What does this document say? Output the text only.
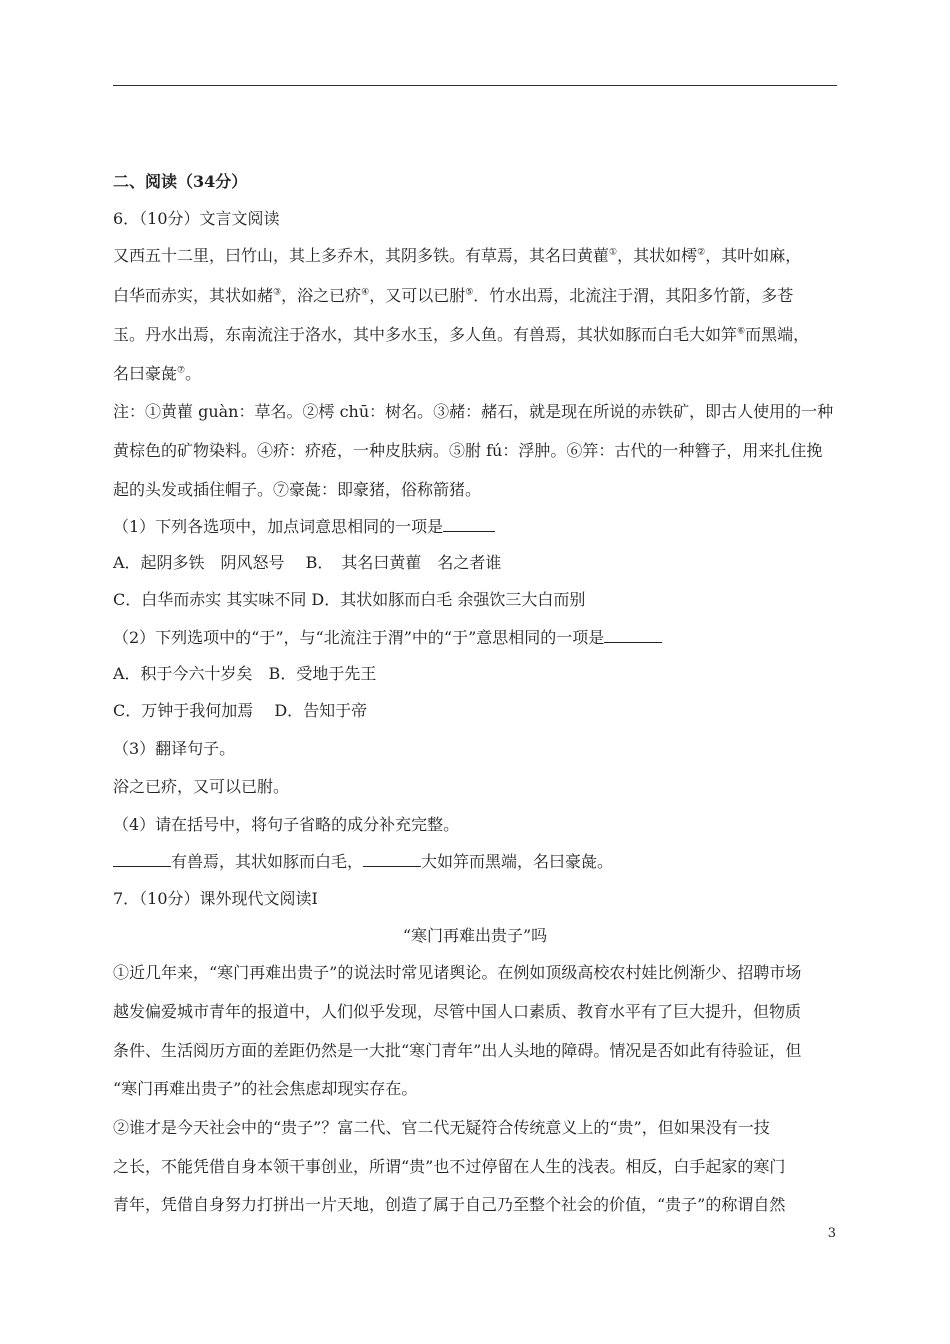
二、阅读（34分）
6．（10分）文言文阅读
又西五十二里，曰竹山，其上多乔木，其阴多铁。有草焉，其名曰黄雚①，其状如樗②，其叶如麻，
白华而赤实，其状如赭③，浴之已疥④，又可以已胕⑤．竹水出焉，北流注于渭，其阳多竹箭，多苍
玉。丹水出焉，东南流注于洛水，其中多水玉，多人鱼。有兽焉，其状如豚而白毛大如笄⑥而黑端，
名曰豪彘⑦。
注：①黄雚 guàn：草名。②樗 chū：树名。③赭：赭石，就是现在所说的赤铁矿，即古人使用的一种
黄棕色的矿物染料。④疥：疥疮，一种皮肤病。⑤胕 fú：浮肿。⑥笄：古代的一种簪子，用来扎住挽
起的头发或插住帽子。⑦豪彘：即豪猪，俗称箭猪。
（1）下列各选项中，加点词意思相同的一项是
A．起阴多铁　阴风怒号　 B．　其名曰黄雚　名之者谁
C．白华而赤实 其实味不同 D．其状如豚而白毛 余强饮三大白而别
（2）下列选项中的“于”，与“北流注于渭”中的“于”意思相同的一项是
A．积于今六十岁矣　B．受地于先王
C．万钟于我何加焉　 D．告知于帝
（3）翻译句子。
浴之已疥，又可以已胕。
（4）请在括号中，将句子省略的成分补充完整。
有兽焉，其状如豚而白毛，	大如笄而黑端，名曰豪彘。
7．（10分）课外现代文阅读Ⅰ
“寒门再难出贵子”吗
①近几年来，“寒门再难出贵子”的说法时常见诸舆论。在例如顶级高校农村娃比例渐少、招聘市场
越发偏爱城市青年的报道中，人们似乎发现，尽管中国人口素质、教育水平有了巨大提升，但物质
条件、生活阅历方面的差距仍然是一大批“寒门青年”出人头地的障碍。情况是否如此有待验证，但
“寒门再难出贵子”的社会焦虑却现实存在。
②谁才是今天社会中的“贵子”？富二代、官二代无疑符合传统意义上的“贵”，但如果没有一技
之长，不能凭借自身本领干事创业，所谓“贵”也不过停留在人生的浅表。相反，白手起家的寒门
青年，凭借自身努力打拼出一片天地，创造了属于自己乃至整个社会的价值，“贵子”的称谓自然
3
